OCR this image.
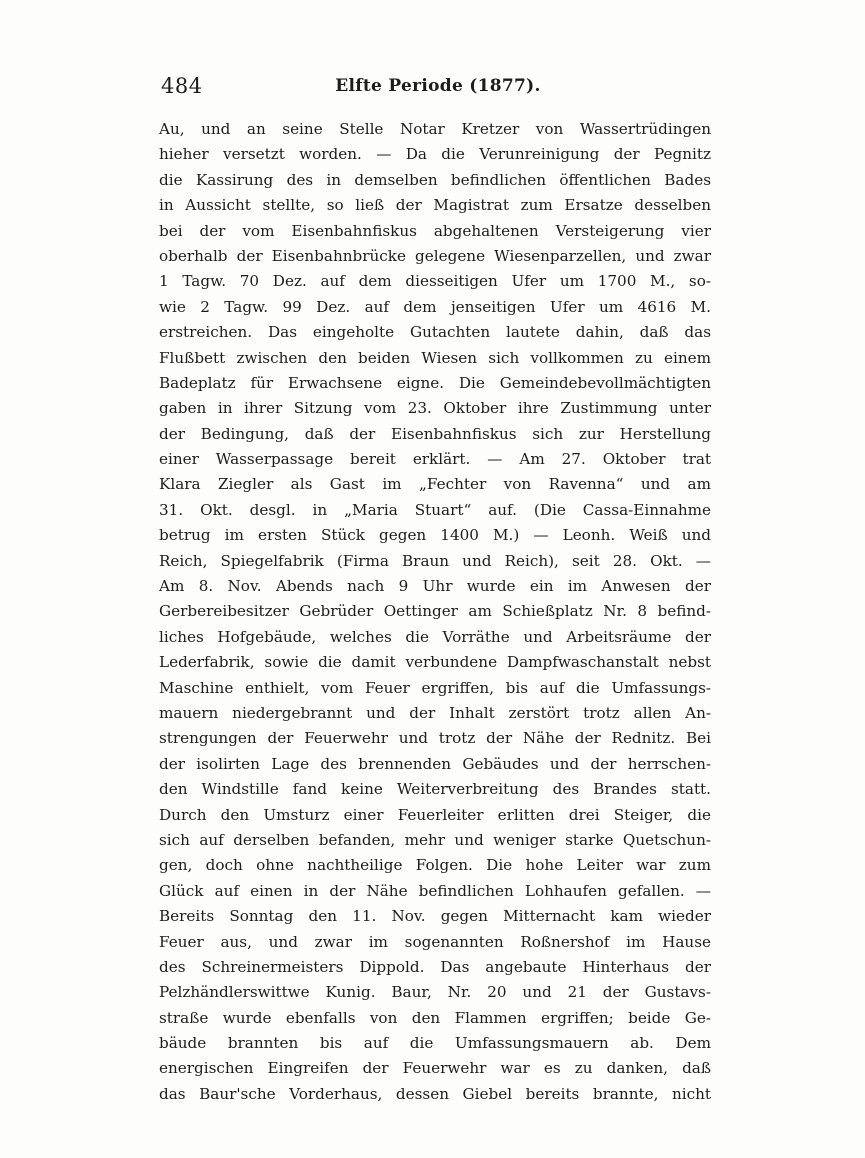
484	Elfte Periode (1877).
Au, und an seine Stelle Notar Kretzer von Wassertrüdingen
hieher versetzt worden. — Da die Verunreinigung der Pegnitz
die Kassirung des in demselben befindlichen öffentlichen Bades
in Aussicht stellte, so ließ der Magistrat zum Ersatze desselben
bei der vom Eisenbahnfiskus abgehaltenen Versteigerung vier
oberhalb der Eisenbahnbrücke gelegene Wiesenparzellen, und zwar
1 Tagw. 70 Dez. auf dem diesseitigen Ufer um 1700 M., so-
wie 2 Tagw. 99 Dez. auf dem jenseitigen Ufer um 4616 M.
erstreichen. Das eingeholte Gutachten lautete dahin, daß das
Flußbett zwischen den beiden Wiesen sich vollkommen zu einem
Badeplatz für Erwachsene eigne. Die Gemeindebevollmächtigten
gaben in ihrer Sitzung vom 23. Oktober ihre Zustimmung unter
der Bedingung, daß der Eisenbahnfiskus sich zur Herstellung
einer Wasserpassage bereit erklärt. — Am 27. Oktober trat
Klara Ziegler als Gast im „Fechter von Ravenna“ und am
31. Okt. desgl. in „Maria Stuart“ auf. (Die Cassa-Einnahme
betrug im ersten Stück gegen 1400 M.) — Leonh. Weiß und
Reich, Spiegelfabrik (Firma Braun und Reich), seit 28. Okt. —
Am 8. Nov. Abends nach 9 Uhr wurde ein im Anwesen der
Gerbereibesitzer Gebrüder Oettinger am Schießplatz Nr. 8 befind-
liches Hofgebäude, welches die Vorräthe und Arbeitsräume der
Lederfabrik, sowie die damit verbundene Dampfwaschanstalt nebst
Maschine enthielt, vom Feuer ergriffen, bis auf die Umfassungs-
mauern niedergebrannt und der Inhalt zerstört trotz allen An-
strengungen der Feuerwehr und trotz der Nähe der Rednitz. Bei
der isolirten Lage des brennenden Gebäudes und der herrschen-
den Windstille fand keine Weiterverbreitung des Brandes statt.
Durch den Umsturz einer Feuerleiter erlitten drei Steiger, die
sich auf derselben befanden, mehr und weniger starke Quetschun-
gen, doch ohne nachtheilige Folgen. Die hohe Leiter war zum
Glück auf einen in der Nähe befindlichen Lohhaufen gefallen. —
Bereits Sonntag den 11. Nov. gegen Mitternacht kam wieder
Feuer aus, und zwar im sogenannten Roßnershof im Hause
des Schreinermeisters Dippold. Das angebaute Hinterhaus der
Pelzhändlerswittwe Kunig. Baur, Nr. 20 und 21 der Gustavs-
straße wurde ebenfalls von den Flammen ergriffen; beide Ge-
bäude brannten bis auf die Umfassungsmauern ab. Dem
energischen Eingreifen der Feuerwehr war es zu danken, daß
das Baur'sche Vorderhaus, dessen Giebel bereits brannte, nicht
